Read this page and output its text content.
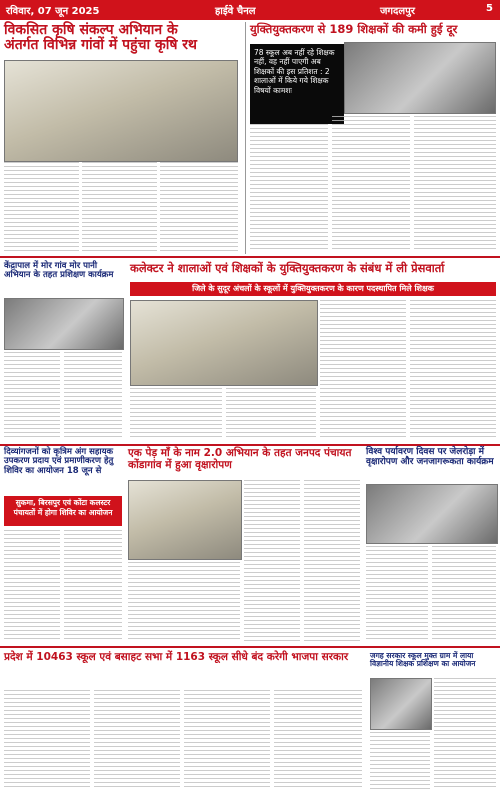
रविवार, 07 जून 2025	हाईवे चैनल	जगदलपुर	5
विकसित कृषि संकल्प अभियान के
अंतर्गत विभिन्न गांवों में पहुंचा कृषि रथ
युक्तियुक्तकरण से 189 शिक्षकों की कमी हुई दूर
78 स्कूल अब नहीं रहे शिक्षक नहीं, वह नहीं पाएगी अब शिक्षकों की इस प्रतिशत : 2 शालाओं में किये गये शिक्षक विषयों कामशः
केंद्रापाल में मोर गांव मोर पानी अभियान के तहत प्रशिक्षण कार्यक्रम
कलेक्टर ने शालाओं एवं शिक्षकों के युक्तियुक्तकरण के संबंध में ली प्रेसवार्ता
जिले के सुदूर अंचलों के स्कूलों में युक्तियुक्तकरण के कारण पदस्थापित मिले शिक्षक
दिव्यांगजनों को कृत्रिम अंग सहायक उपकरण प्रदाय एवं प्रमाणीकरण हेतु शिविर का आयोजन 18 जून से
सुकमा, बिरसपुर एवं कोंटा कलस्टर पंचायतों में होगा शिविर का आयोजन
एक पेड़ माँ के नाम 2.0 अभियान के तहत जनपद पंचायत कोंडागांव में हुआ वृक्षारोपण
विश्व पर्यावरण दिवस पर जेलरोड़ा में वृक्षारोपण और जनजागरूकता कार्यक्रम
प्रदेश में 10463 स्कूल एवं बसाहट सभा में 1163 स्कूल सीधे बंद करेगी भाजपा सरकार	जगह सरकार स्कूल मुक्त ग्राम में लाया विज्ञानीय शिक्षक प्रशिक्षण का आयोजन
